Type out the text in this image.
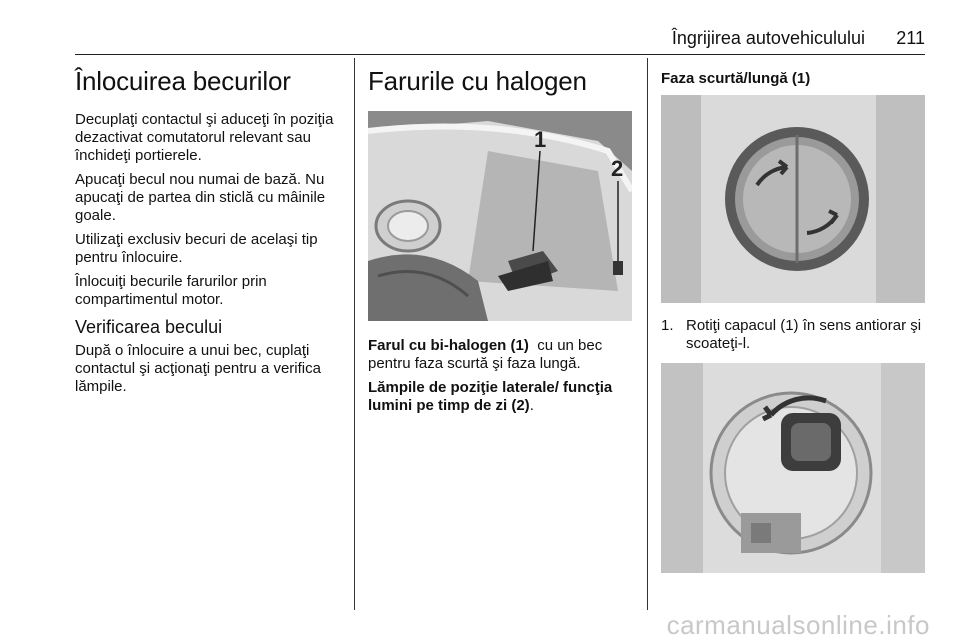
Îngrijirea autovehiculului 211
Înlocuirea becurilor

Decuplaţi contactul şi aduceţi în poziţia dezactivat comutatorul relevant sau închideţi portierele.

Apucaţi becul nou numai de bază. Nu apucaţi de partea din sticlă cu mâinile goale.

Utilizaţi exclusiv becuri de acelaşi tip pentru înlocuire.

Înlocuiţi becurile farurilor prin compartimentul motor.

Verificarea becului

După o înlocuire a unui bec, cuplaţi contactul şi acţionaţi pentru a verifica lămpile.

Farurile cu halogen
1
2

Farul cu bi-halogen (1) cu un bec pentru faza scurtă şi faza lungă.

Lămpile de poziţie laterale/ funcţia lumini pe timp de zi (2).

Faza scurtă/lungă (1)
1. Rotiţi capacul (1) în sens antiorar şi scoateţi-l.
carmanualsonline.info
